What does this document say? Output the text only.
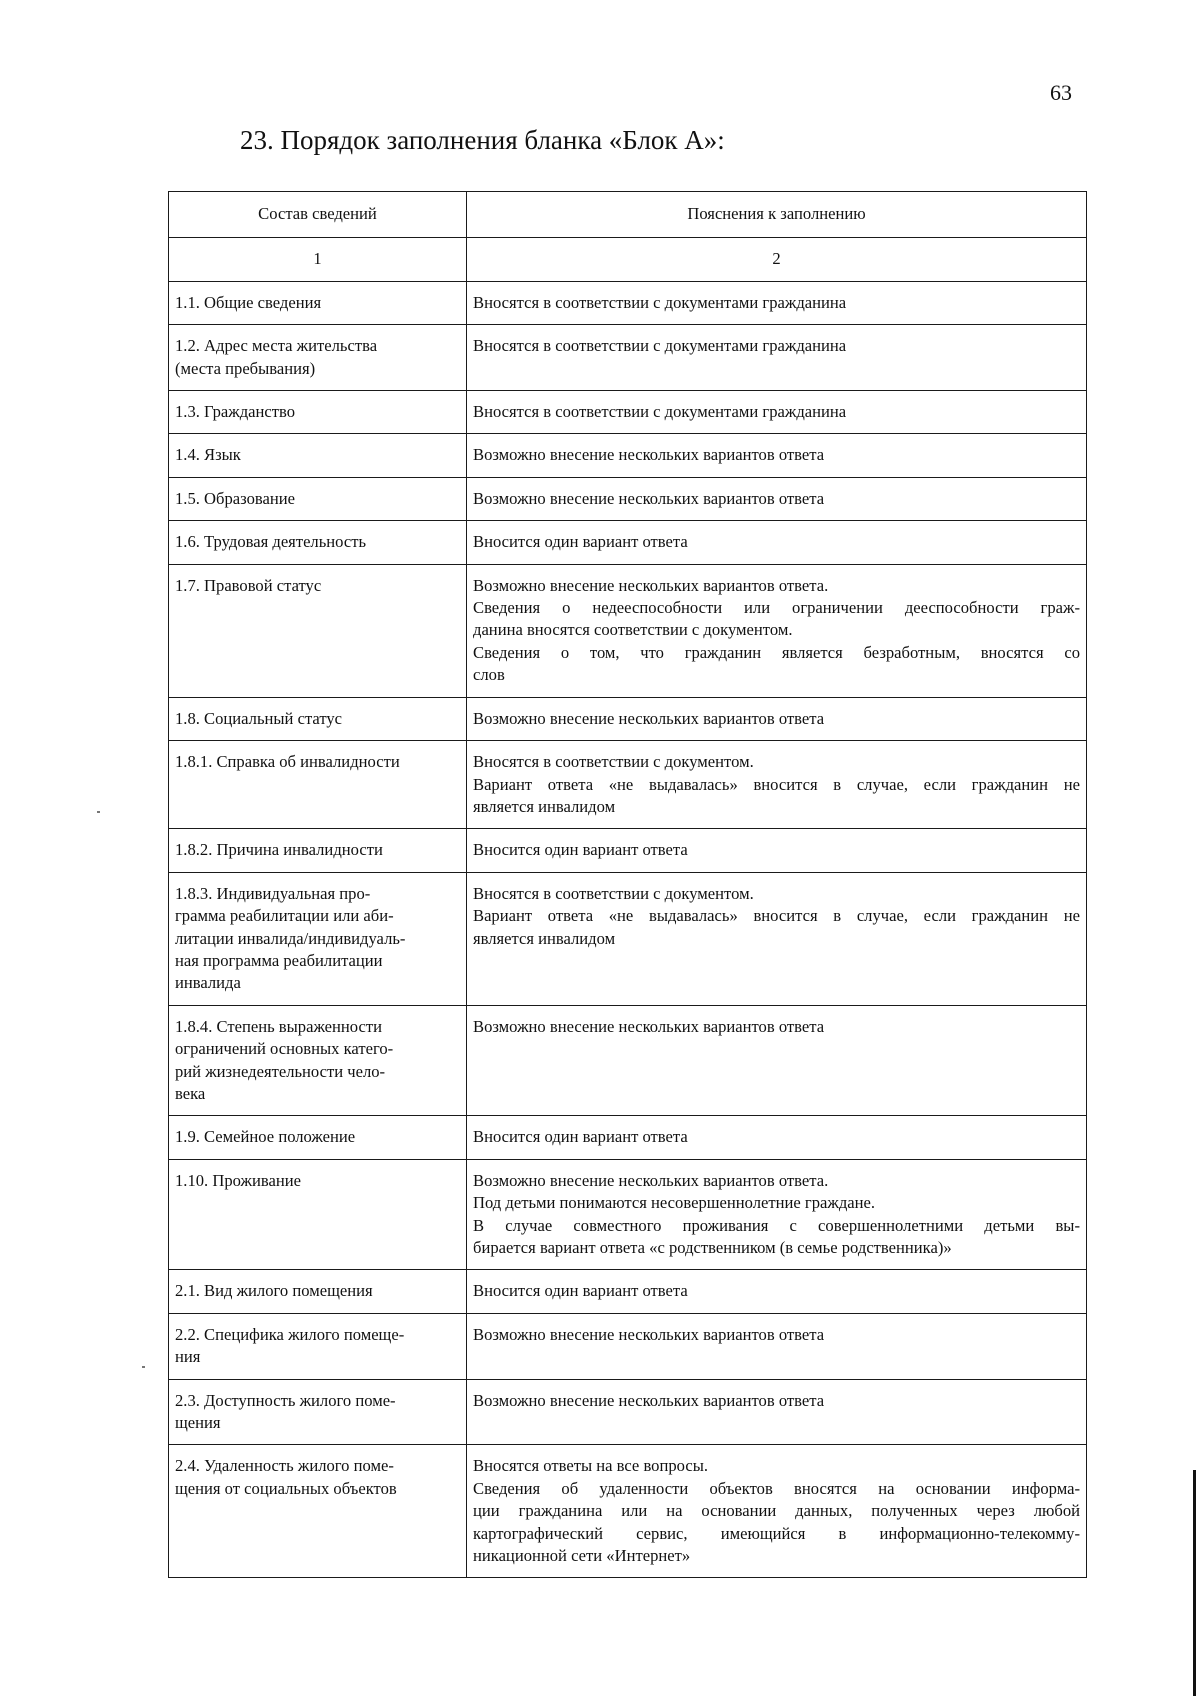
63
23. Порядок заполнения бланка «Блок А»:
Состав сведений	Пояснения к заполнению
1	2

1.1. Общие сведения	Вносятся в соответствии с документами гражданина

1.2. Адрес места жительства
(места пребывания)	Вносятся в соответствии с документами гражданина

1.3. Гражданство	Вносятся в соответствии с документами гражданина

1.4. Язык	Возможно внесение нескольких вариантов ответа

1.5. Образование	Возможно внесение нескольких вариантов ответа

1.6. Трудовая деятельность	Вносится один вариант ответа

1.7. Правовой статус	Возможно внесение нескольких вариантов ответа.
Сведения о недееспособности или ограничении дееспособности граж-
данина вносятся соответствии с документом.
Сведения о том, что гражданин является безработным, вносятся со
слов

1.8. Социальный статус	Возможно внесение нескольких вариантов ответа

1.8.1. Справка об инвалидности	Вносятся в соответствии с документом.
Вариант ответа «не выдавалась» вносится в случае, если гражданин не
является инвалидом

1.8.2. Причина инвалидности	Вносится один вариант ответа

1.8.3. Индивидуальная про-
грамма реабилитации или аби-
литации инвалида/индивидуаль-
ная программа реабилитации
инвалида	Вносятся в соответствии с документом.
Вариант ответа «не выдавалась» вносится в случае, если гражданин не
является инвалидом

1.8.4. Степень выраженности
ограничений основных катего-
рий жизнедеятельности чело-
века	Возможно внесение нескольких вариантов ответа

1.9. Семейное положение	Вносится один вариант ответа

1.10. Проживание	Возможно внесение нескольких вариантов ответа.
Под детьми понимаются несовершеннолетние граждане.
В случае совместного проживания с совершеннолетними детьми вы-
бирается вариант ответа «с родственником (в семье родственника)»

2.1. Вид жилого помещения	Вносится один вариант ответа

2.2. Специфика жилого помеще-
ния	Возможно внесение нескольких вариантов ответа

2.3. Доступность жилого поме-
щения	Возможно внесение нескольких вариантов ответа

2.4. Удаленность жилого поме-
щения от социальных объектов	Вносятся ответы на все вопросы.
Сведения об удаленности объектов вносятся на основании информа-
ции гражданина или на основании данных, полученных через любой
картографический сервис, имеющийся в информационно-телекомму-
никационной сети «Интернет»
